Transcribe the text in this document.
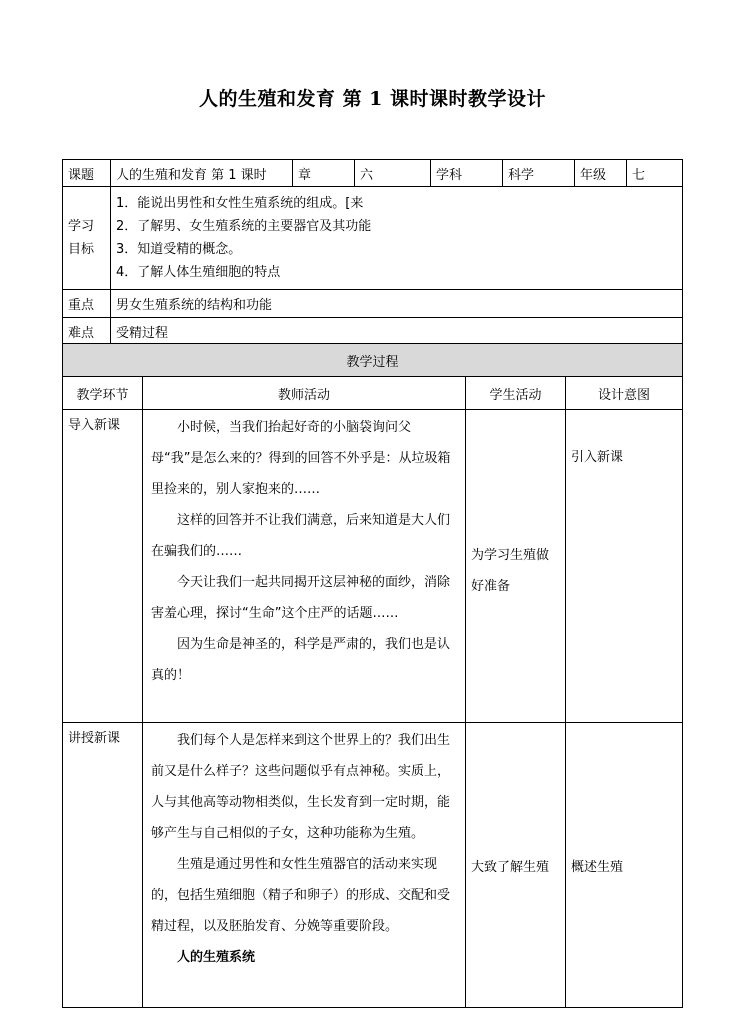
人的生殖和发育 第 1 课时课时教学设计
课题	人的生殖和发育 第 1 课时	章	六	学科	科学	年级	七
学习目标	1．能说出男性和女性生殖系统的组成。[来
2．了解男、女生殖系统的主要器官及其功能
3．知道受精的概念。
4．了解人体生殖细胞的特点						

重点	男女生殖系统的结构和功能						
难点	受精过程						
教学过程			
教学环节	教师活动	学生活动	设计意图
导入新课	小时候，当我们抬起好奇的小脑袋询问父母“我”是怎么来的？得到的回答不外乎是：从垃圾箱里捡来的，别人家抱来的……

这样的回答并不让我们满意，后来知道是大人们在骗我们的……

今天让我们一起共同揭开这层神秘的面纱，消除害羞心理，探讨“生命”这个庄严的话题……

因为生命是神圣的，科学是严肃的，我们也是认真的！	为学习生殖做好准备	引入新课
讲授新课	我们每个人是怎样来到这个世界上的？我们出生前又是什么样子？这些问题似乎有点神秘。实质上，人与其他高等动物相类似，生长发育到一定时期，能够产生与自己相似的子女，这种功能称为生殖。

生殖是通过男性和女性生殖器官的活动来实现的，包括生殖细胞（精子和卵子）的形成、交配和受精过程，以及胚胎发育、分娩等重要阶段。

人的生殖系统	大致了解生殖	概述生殖
